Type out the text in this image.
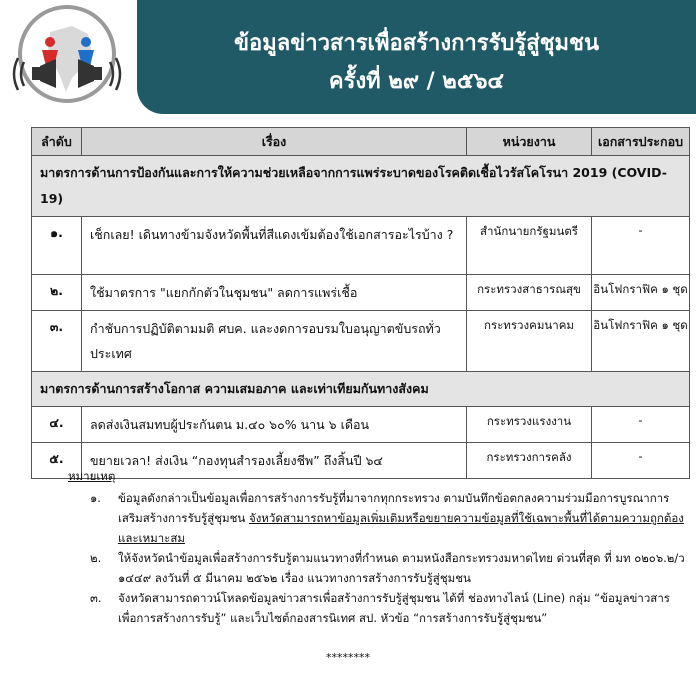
ข้อมูลข่าวสารเพื่อสร้างการรับรู้สู่ชุมชน
ครั้งที่ ๒๙ / ๒๕๖๔
ลำดับ	เรื่อง	หน่วยงาน	เอกสารประกอบ
มาตรการด้านการป้องกันและการให้ความช่วยเหลือจากการแพร่ระบาดของโรคติดเชื้อไวรัสโคโรนา 2019 (COVID-19)			
๑.	เช็กเลย! เดินทางข้ามจังหวัดพื้นที่สีแดงเข้มต้องใช้เอกสารอะไรบ้าง ?	สำนักนายกรัฐมนตรี	-
๒.	ใช้มาตรการ "แยกกักตัวในชุมชน" ลดการแพร่เชื้อ	กระทรวงสาธารณสุข	อินโฟกราฟิค ๑ ชุด
๓.	กำชับการปฏิบัติตามมติ ศบค. และงดการอบรมใบอนุญาตขับรถทั่วประเทศ	กระทรวงคมนาคม	อินโฟกราฟิค ๑ ชุด
มาตรการด้านการสร้างโอกาส ความเสมอภาค และเท่าเทียมกันทางสังคม			
๔.	ลดส่งเงินสมทบผู้ประกันตน ม.๔๐ ๖๐% นาน ๖ เดือน	กระทรวงแรงงาน	-
๕.	ขยายเวลา! ส่งเงิน “กองทุนสำรองเลี้ยงชีพ” ถึงสิ้นปี ๖๔	กระทรวงการคลัง	-
หมายเหตุ
๑.	ข้อมูลดังกล่าวเป็นข้อมูลเพื่อการสร้างการรับรู้ที่มาจากทุกกระทรวง ตามบันทึกข้อตกลงความร่วมมือการบูรณาการเสริมสร้างการรับรู้สู่ชุมชน จังหวัดสามารถหาข้อมูลเพิ่มเติมหรือขยายความข้อมูลที่ใช้เฉพาะพื้นที่ได้ตามความถูกต้องและเหมาะสม
๒.	ให้จังหวัดนำข้อมูลเพื่อสร้างการรับรู้ตามแนวทางที่กำหนด ตามหนังสือกระทรวงมหาดไทย ด่วนที่สุด ที่ มท ๐๒๐๖.๒/ว ๑๔๔๙ ลงวันที่ ๕ มีนาคม ๒๕๖๒ เรื่อง แนวทางการสร้างการรับรู้สู่ชุมชน
๓.	จังหวัดสามารถดาวน์โหลดข้อมูลข่าวสารเพื่อสร้างการรับรู้สู่ชุมชน ได้ที่ ช่องทางไลน์ (Line) กลุ่ม “ข้อมูลข่าวสารเพื่อการสร้างการรับรู้” และเว็บไซต์กองสารนิเทศ สป. หัวข้อ “การสร้างการรับรู้สู่ชุมชน”
********
